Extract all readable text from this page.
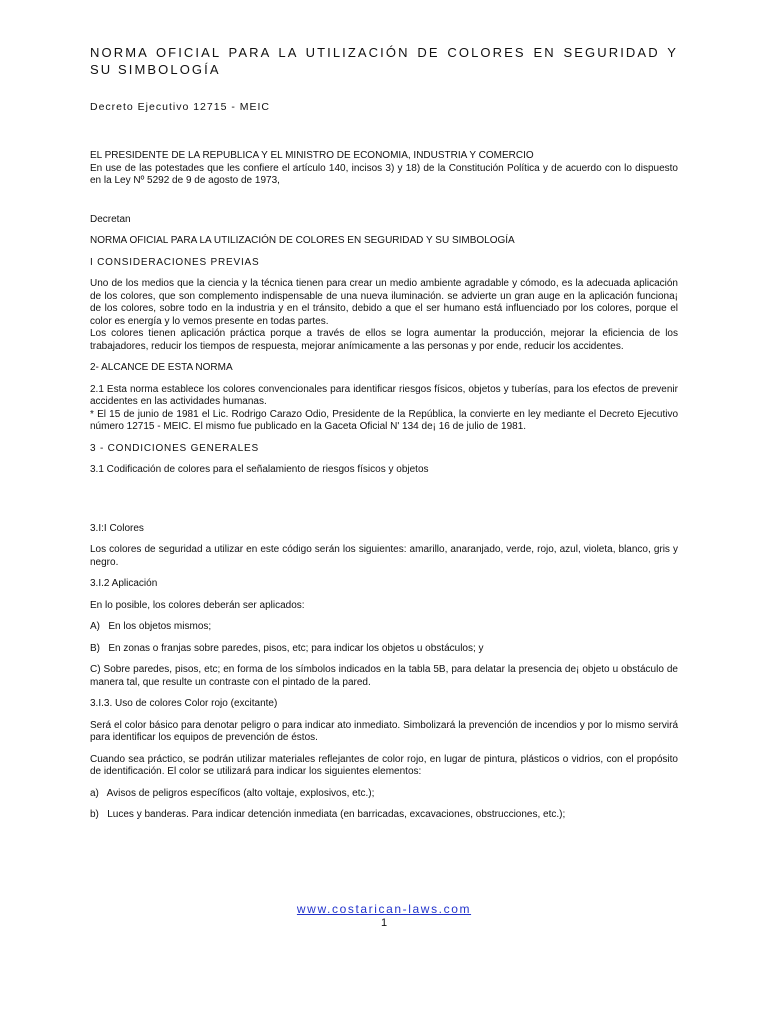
NORMA OFICIAL PARA LA UTILIZACIÓN DE COLORES EN SEGURIDAD Y SU SIMBOLOGÍA
Decreto Ejecutivo 12715 - MEIC
EL PRESIDENTE DE LA REPUBLICA Y EL MINISTRO DE ECONOMIA, INDUSTRIA Y COMERCIO
En use de las potestades que les confiere el artículo 140, incisos 3) y 18) de la Constitución Política y de acuerdo con lo dispuesto en la Ley Nº 5292 de 9 de agosto de 1973,
Decretan
NORMA OFICIAL PARA LA UTILIZACIÓN DE COLORES EN SEGURIDAD Y SU SIMBOLOGÍA
I CONSIDERACIONES PREVIAS
Uno de los medios que la ciencia y la técnica tienen para crear un medio ambiente agradable y cómodo, es la adecuada aplicación de los colores, que son complemento indispensable de una nueva iluminación. se advierte un gran auge en la aplicación funciona¡ de los colores, sobre todo en la industria y en el tránsito, debido a que el ser humano está influenciado por los colores, porque el color es energía y lo vemos presente en todas partes.
Los colores tienen aplicación práctica porque a través de ellos se logra aumentar la producción, mejorar la eficiencia de los trabajadores, reducir los tiempos de respuesta, mejorar anímicamente a las personas y por ende, reducir los accidentes.
2- ALCANCE DE ESTA NORMA
2.1 Esta norma establece los colores convencionales para identificar riesgos físicos, objetos y tuberías, para los efectos de prevenir accidentes en las actividades humanas.
* El 15 de junio de 1981 el Lic. Rodrigo Carazo Odio, Presidente de la República, la convierte en ley mediante el Decreto Ejecutivo número 12715 - MEIC. El mismo fue publicado en la Gaceta Oficial N' 134 de¡ 16 de julio de 1981.
3 - CONDICIONES GENERALES
3.1 Codificación de colores para el señalamiento de riesgos físicos y objetos
3.I:I Colores
Los colores de seguridad a utilizar en este código serán los siguientes: amarillo, anaranjado, verde, rojo, azul, violeta, blanco, gris y negro.
3.I.2 Aplicación
En lo posible, los colores deberán ser aplicados:
A)   En los objetos mismos;
B)   En zonas o franjas sobre paredes, pisos, etc; para indicar los objetos u obstáculos; y
C) Sobre paredes, pisos, etc; en forma de los símbolos indicados en la tabla 5B, para delatar la presencia de¡ objeto u obstáculo de manera tal, que resulte un contraste con el pintado de la pared.
3.I.3. Uso de colores Color rojo (excitante)
Será el color básico para denotar peligro o para indicar ato inmediato. Simbolizará la prevención de incendios y por lo mismo servirá para identificar los equipos de prevención de éstos.
Cuando sea práctico, se podrán utilizar materiales reflejantes de color rojo, en lugar de pintura, plásticos o vidrios, con el propósito de identificación. El color se utilizará para indicar los siguientes elementos:
a)   Avisos de peligros específicos (alto voltaje, explosivos, etc.);
b)   Luces y banderas. Para indicar detención inmediata (en barricadas, excavaciones, obstrucciones, etc.);
www.costarican-laws.com
1
